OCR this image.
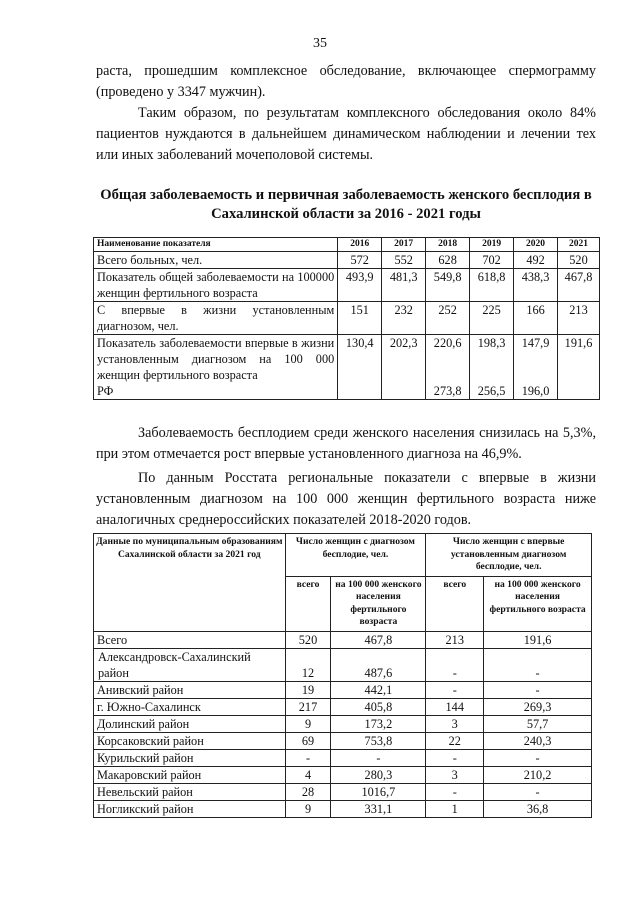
35

раста, прошедшим комплексное обследование, включающее спермограмму (проведено у 3347 мужчин).

Таким образом, по результатам комплексного обследования около 84% пациентов нуждаются в дальнейшем динамическом наблюдении и лечении тех или иных заболеваний мочеполовой системы.

Общая заболеваемость и первичная заболеваемость женского бесплодия в Сахалинской области за 2016 - 2021 годы
Наименование показателя	2016	2017	2018	2019	2020	2021
Всего больных, чел.	572	552	628	702	492	520
Показатель общей заболеваемости на 100000 женщин фертильного возраста	493,9	481,3	549,8	618,8	438,3	467,8
С впервые в жизни установленным диагнозом, чел.	151	232	252	225	166	213
Показатель заболеваемости впервые в жизни установленным диагнозом на 100 000 женщин фертильного возраста	130,4	202,3	220,6	198,3	147,9	191,6
РФ			273,8	256,5	196,0	

Заболеваемость бесплодием среди женского населения снизилась на 5,3%, при этом отмечается рост впервые установленного диагноза на 46,9%.

По данным Росстата региональные показатели с впервые в жизни установленным диагнозом на 100 000 женщин фертильного возраста ниже аналогичных среднероссийских показателей 2018-2020 годов.

Данные по муниципальным образованиям Сахалинской области за 2021 год	Число женщин с диагнозом бесплодие, чел.		Число женщин с впервые установленным диагнозом бесплодие, чел.	
	всего	на 100 000 женского населения фертильного возраста	всего	на 100 000 женского населения фертильного возраста
Всего	520	467,8	213	191,6
Александровск-Сахалинский район	12	487,6	-	-
Анивский район	19	442,1	-	-
г. Южно-Сахалинск	217	405,8	144	269,3
Долинский район	9	173,2	3	57,7
Корсаковский район	69	753,8	22	240,3
Курильский район	-	-	-	-
Макаровский район	4	280,3	3	210,2
Невельский район	28	1016,7	-	-
Ногликский район	9	331,1	1	36,8
